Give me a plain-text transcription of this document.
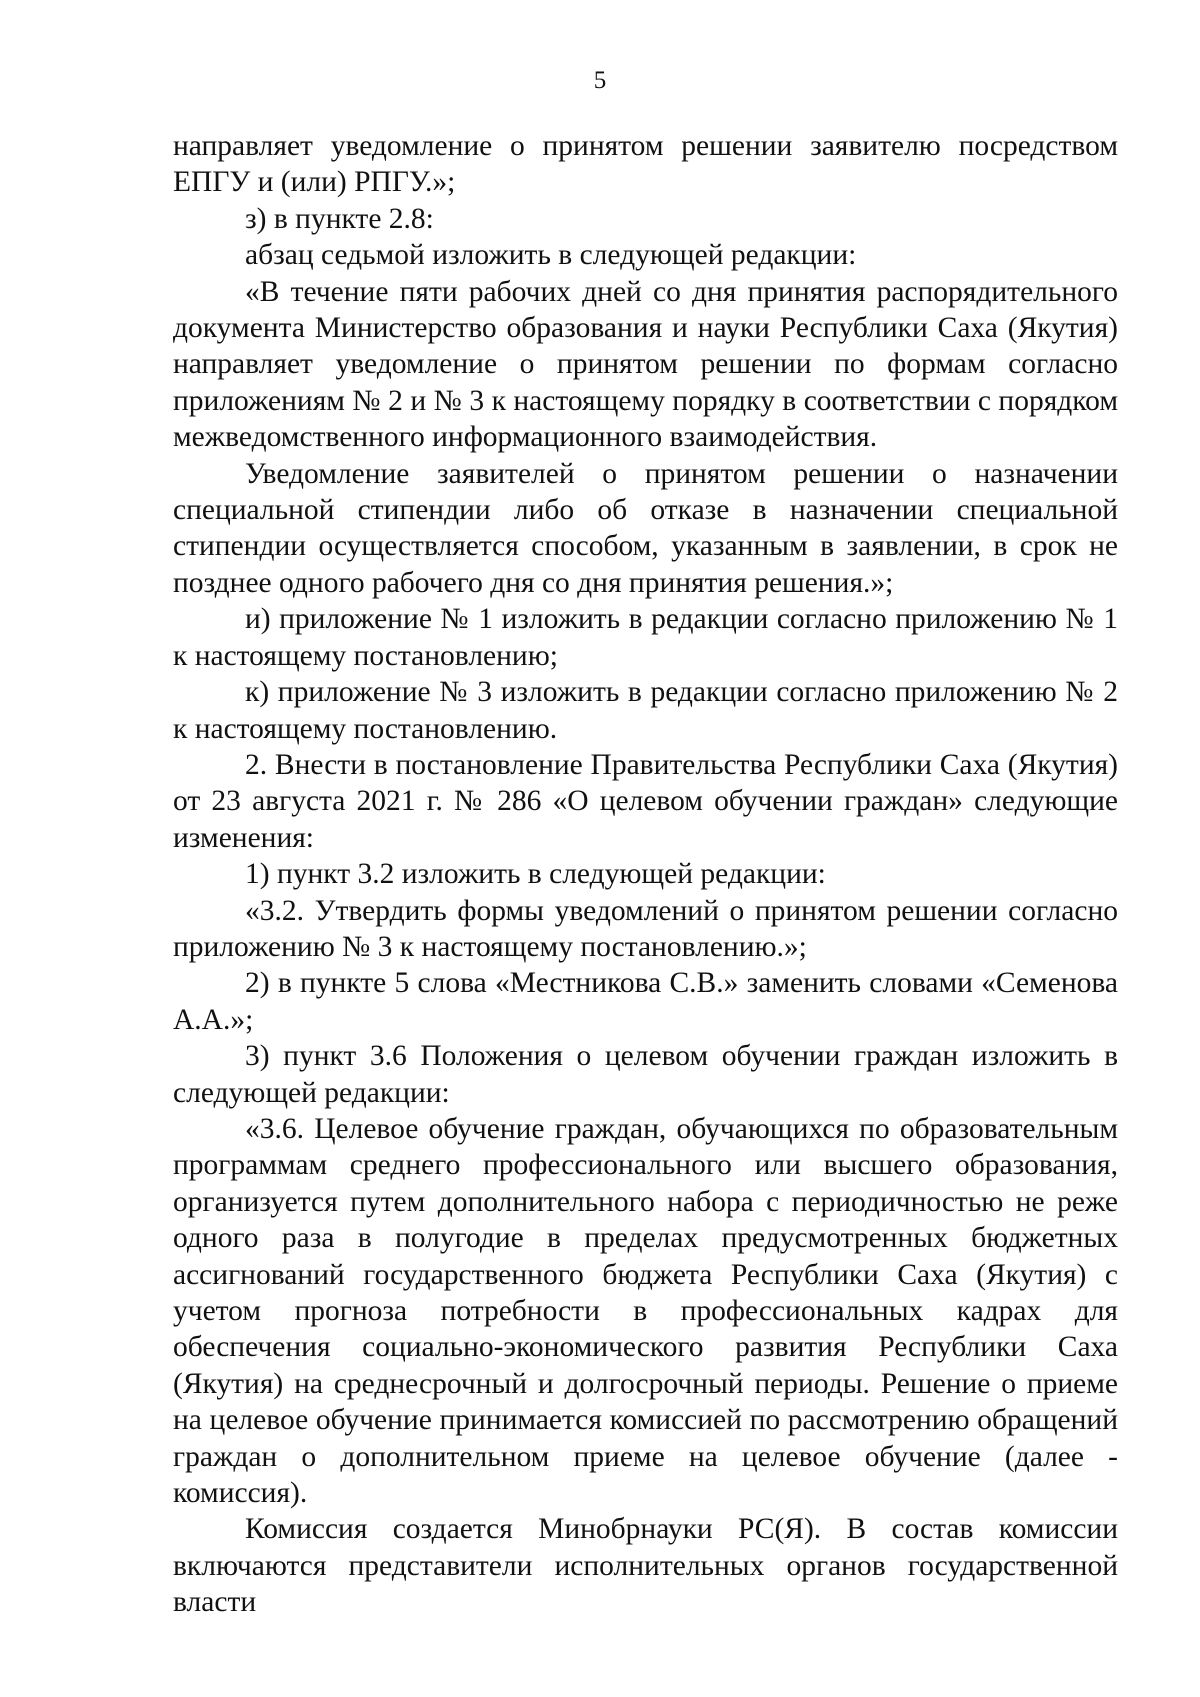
5

направляет уведомление о принятом решении заявителю посредством ЕПГУ и (или) РПГУ.»;

з) в пункте 2.8:

абзац седьмой изложить в следующей редакции:

«В течение пяти рабочих дней со дня принятия распорядительного документа Министерство образования и науки Республики Саха (Якутия) направляет уведомление о принятом решении по формам согласно приложениям № 2 и № 3 к настоящему порядку в соответствии с порядком межведомственного информационного взаимодействия.

Уведомление заявителей о принятом решении о назначении специальной стипендии либо об отказе в назначении специальной стипендии осуществляется способом, указанным в заявлении, в срок не позднее одного рабочего дня со дня принятия решения.»;

и) приложение № 1 изложить в редакции согласно приложению № 1 к настоящему постановлению;

к) приложение № 3 изложить в редакции согласно приложению № 2 к настоящему постановлению.

2. Внести в постановление Правительства Республики Саха (Якутия) от 23 августа 2021 г. № 286 «О целевом обучении граждан» следующие изменения:

1) пункт 3.2 изложить в следующей редакции:

«3.2. Утвердить формы уведомлений о принятом решении согласно приложению № 3 к настоящему постановлению.»;

2) в пункте 5 слова «Местникова С.В.» заменить словами «Семенова А.А.»;

3) пункт 3.6 Положения о целевом обучении граждан изложить в следующей редакции:

«3.6. Целевое обучение граждан, обучающихся по образовательным программам среднего профессионального или высшего образования, организуется путем дополнительного набора с периодичностью не реже одного раза в полугодие в пределах предусмотренных бюджетных ассигнований государственного бюджета Республики Саха (Якутия) с учетом прогноза потребности в профессиональных кадрах для обеспечения социально-экономического развития Республики Саха (Якутия) на среднесрочный и долгосрочный периоды. Решение о приеме на целевое обучение принимается комиссией по рассмотрению обращений граждан о дополнительном приеме на целевое обучение (далее - комиссия).

Комиссия создается Минобрнауки РС(Я). В состав комиссии включаются представители исполнительных органов государственной власти
